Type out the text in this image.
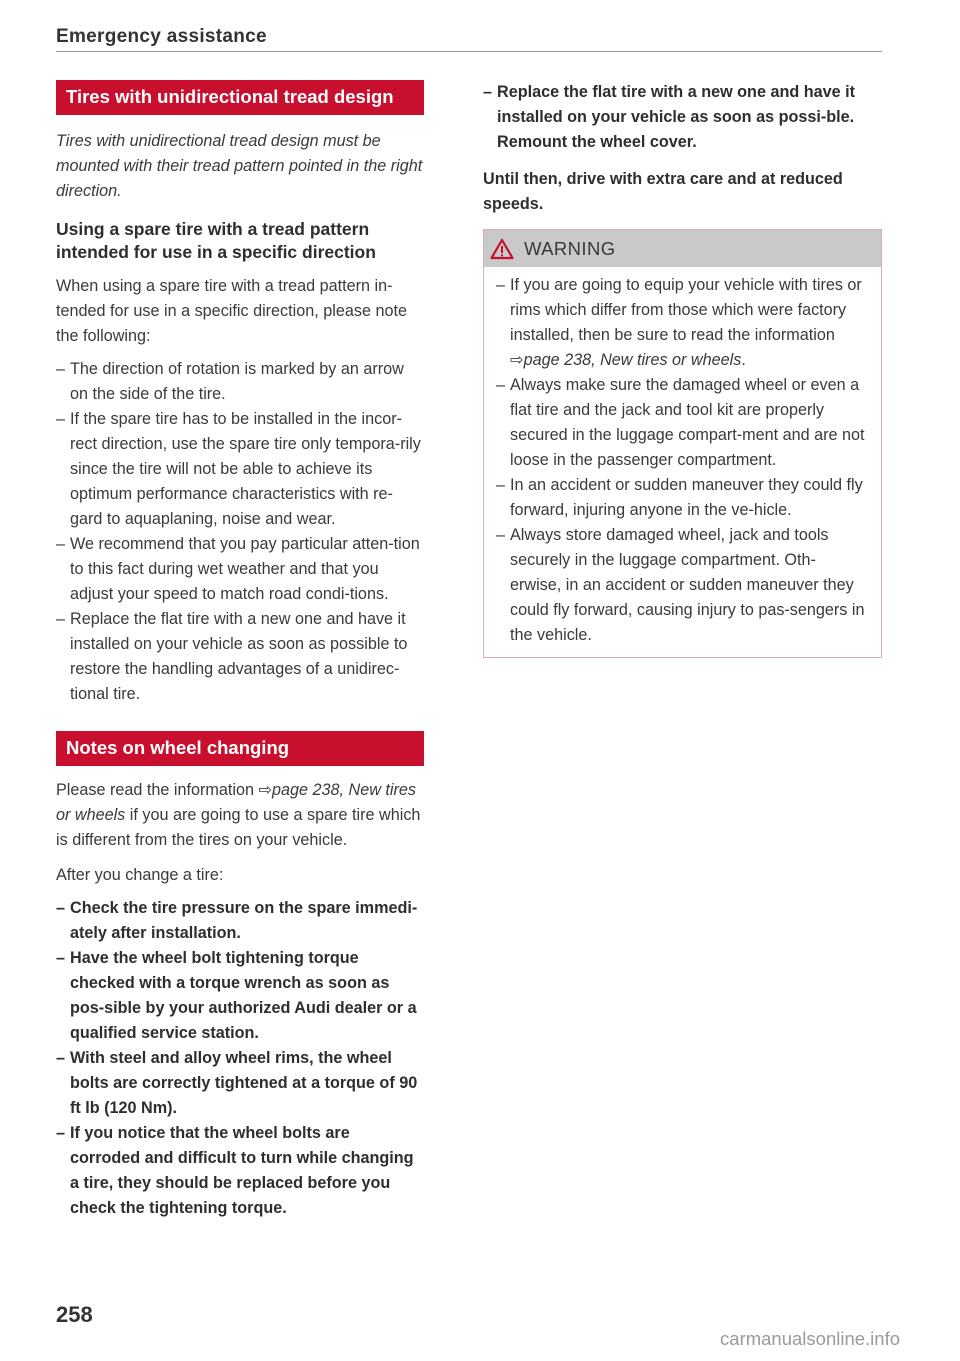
Emergency assistance
Tires with unidirectional tread design

Tires with unidirectional tread design must be mounted with their tread pattern pointed in the right direction.

Using a spare tire with a tread pattern intended for use in a specific direction

When using a spare tire with a tread pattern in-tended for use in a specific direction, please note the following:

– The direction of rotation is marked by an arrow on the side of the tire.
– If the spare tire has to be installed in the incor-rect direction, use the spare tire only tempora-rily since the tire will not be able to achieve its optimum performance characteristics with re-gard to aquaplaning, noise and wear.
– We recommend that you pay particular atten-tion to this fact during wet weather and that you adjust your speed to match road condi-tions.
– Replace the flat tire with a new one and have it installed on your vehicle as soon as possible to restore the handling advantages of a unidirec-tional tire.
Notes on wheel changing

Please read the information ⇨page 238, New tires or wheels if you are going to use a spare tire which is different from the tires on your vehicle.

After you change a tire:

– Check the tire pressure on the spare immedi-ately after installation.
– Have the wheel bolt tightening torque checked with a torque wrench as soon as pos-sible by your authorized Audi dealer or a qualified service station.
– With steel and alloy wheel rims, the wheel bolts are correctly tightened at a torque of 90 ft lb (120 Nm).
– If you notice that the wheel bolts are corroded and difficult to turn while changing a tire, they should be replaced before you check the tightening torque.
– Replace the flat tire with a new one and have it installed on your vehicle as soon as possi-ble. Remount the wheel cover.

Until then, drive with extra care and at reduced speeds.

WARNING
– If you are going to equip your vehicle with tires or rims which differ from those which were factory installed, then be sure to read the information ⇨page 238, New tires or wheels.
– Always make sure the damaged wheel or even a flat tire and the jack and tool kit are properly secured in the luggage compart-ment and are not loose in the passenger compartment.
– In an accident or sudden maneuver they could fly forward, injuring anyone in the ve-hicle.
– Always store damaged wheel, jack and tools securely in the luggage compartment. Oth-erwise, in an accident or sudden maneuver they could fly forward, causing injury to pas-sengers in the vehicle.
258
carmanualsonline.info
